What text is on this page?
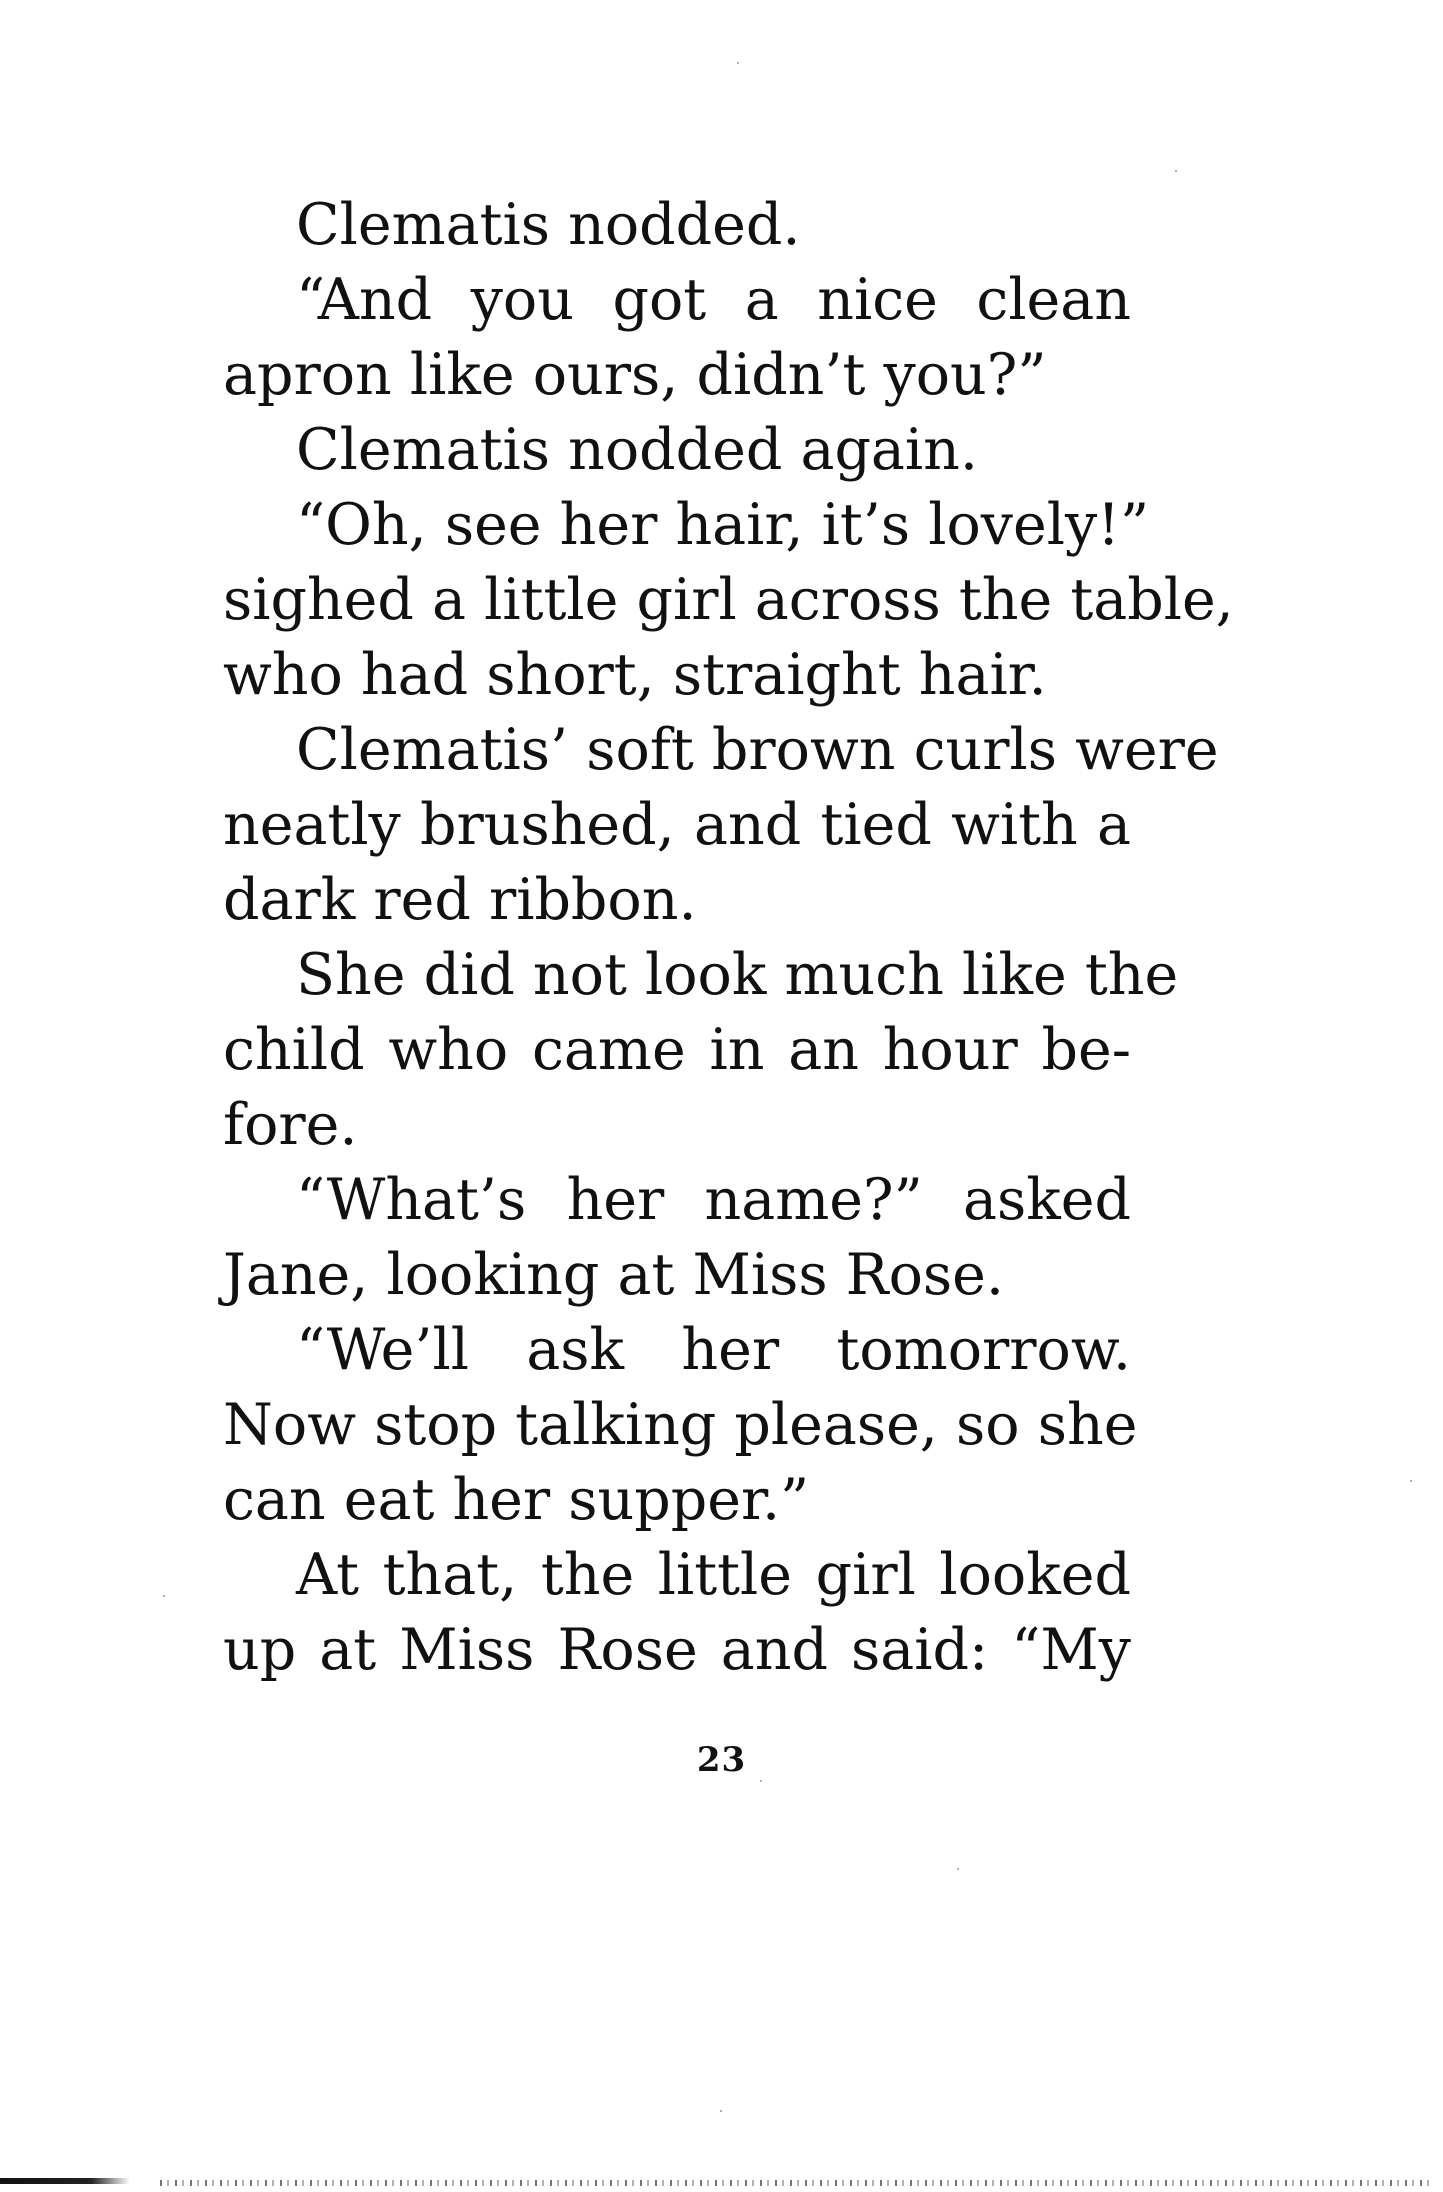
Clematis nodded.
“And you got a nice clean
apron like ours, didn’t you?”
Clematis nodded again.
“Oh, see her hair, it’s lovely!”
sighed a little girl across the table,
who had short, straight hair.
Clematis’ soft brown curls were
neatly brushed, and tied with a
dark red ribbon.
She did not look much like the
child who came in an hour be-
fore.
“What’s her name?” asked
Jane, looking at Miss Rose.
“We’ll ask her tomorrow.
Now stop talking please, so she
can eat her supper.”
At that, the little girl looked
up at Miss Rose and said: “My
23
